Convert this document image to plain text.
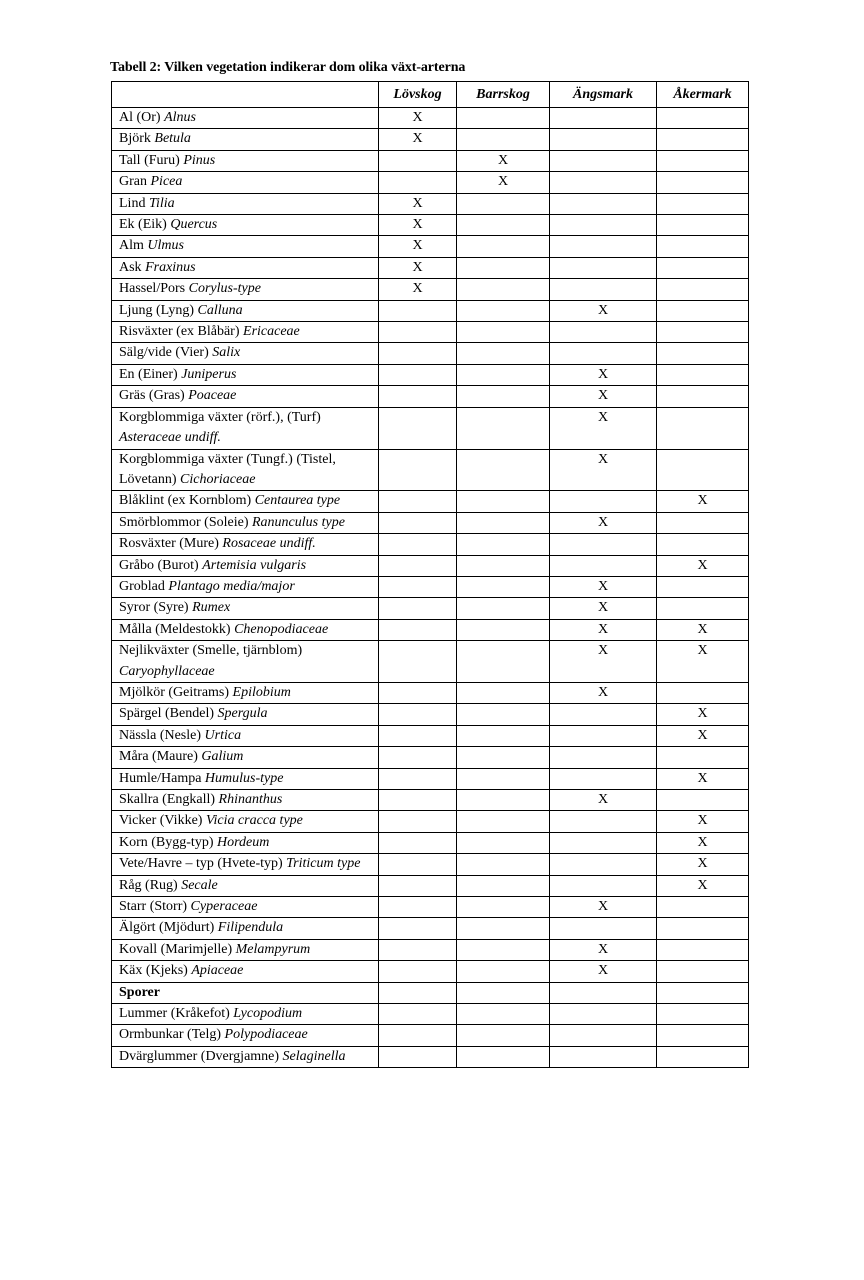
Tabell 2: Vilken vegetation indikerar dom olika växt-arterna
	Lövskog	Barrskog	Ängsmark	Åkermark
Al (Or) Alnus	X			
Björk Betula	X			
Tall (Furu) Pinus		X		
Gran Picea		X		
Lind Tilia	X			
Ek (Eik) Quercus	X			
Alm Ulmus	X			
Ask Fraxinus	X			
Hassel/Pors Corylus-type	X			
Ljung (Lyng) Calluna			X	
Risväxter (ex Blåbär) Ericaceae				
Sälg/vide (Vier) Salix				
En (Einer) Juniperus			X	
Gräs (Gras) Poaceae			X	
Korgblommiga växter (rörf.), (Turf) Asteraceae undiff.			X	
Korgblommiga växter (Tungf.) (Tistel, Lövetann) Cichoriaceae			X	
Blåklint (ex Kornblom) Centaurea type				X
Smörblommor (Soleie) Ranunculus type			X	
Rosväxter (Mure) Rosaceae undiff.				
Gråbo (Burot) Artemisia vulgaris				X
Groblad Plantago media/major			X	
Syror (Syre) Rumex			X	
Målla (Meldestokk) Chenopodiaceae			X	X
Nejlikväxter (Smelle, tjärnblom) Caryophyllaceae			X	X
Mjölkör (Geitrams) Epilobium			X	
Spärgel (Bendel) Spergula				X
Nässla (Nesle) Urtica				X
Måra (Maure) Galium				
Humle/Hampa Humulus-type				X
Skallra (Engkall) Rhinanthus			X	
Vicker (Vikke) Vicia cracca type				X
Korn (Bygg-typ) Hordeum				X
Vete/Havre – typ (Hvete-typ) Triticum type				X
Råg (Rug) Secale				X
Starr (Storr) Cyperaceae			X	
Älgört (Mjödurt) Filipendula				
Kovall (Marimjelle) Melampyrum			X	
Käx (Kjeks) Apiaceae			X	
Sporer				
Lummer (Kråkefot) Lycopodium				
Ormbunkar (Telg) Polypodiaceae				
Dvärglummer (Dvergjamne) Selaginella				
